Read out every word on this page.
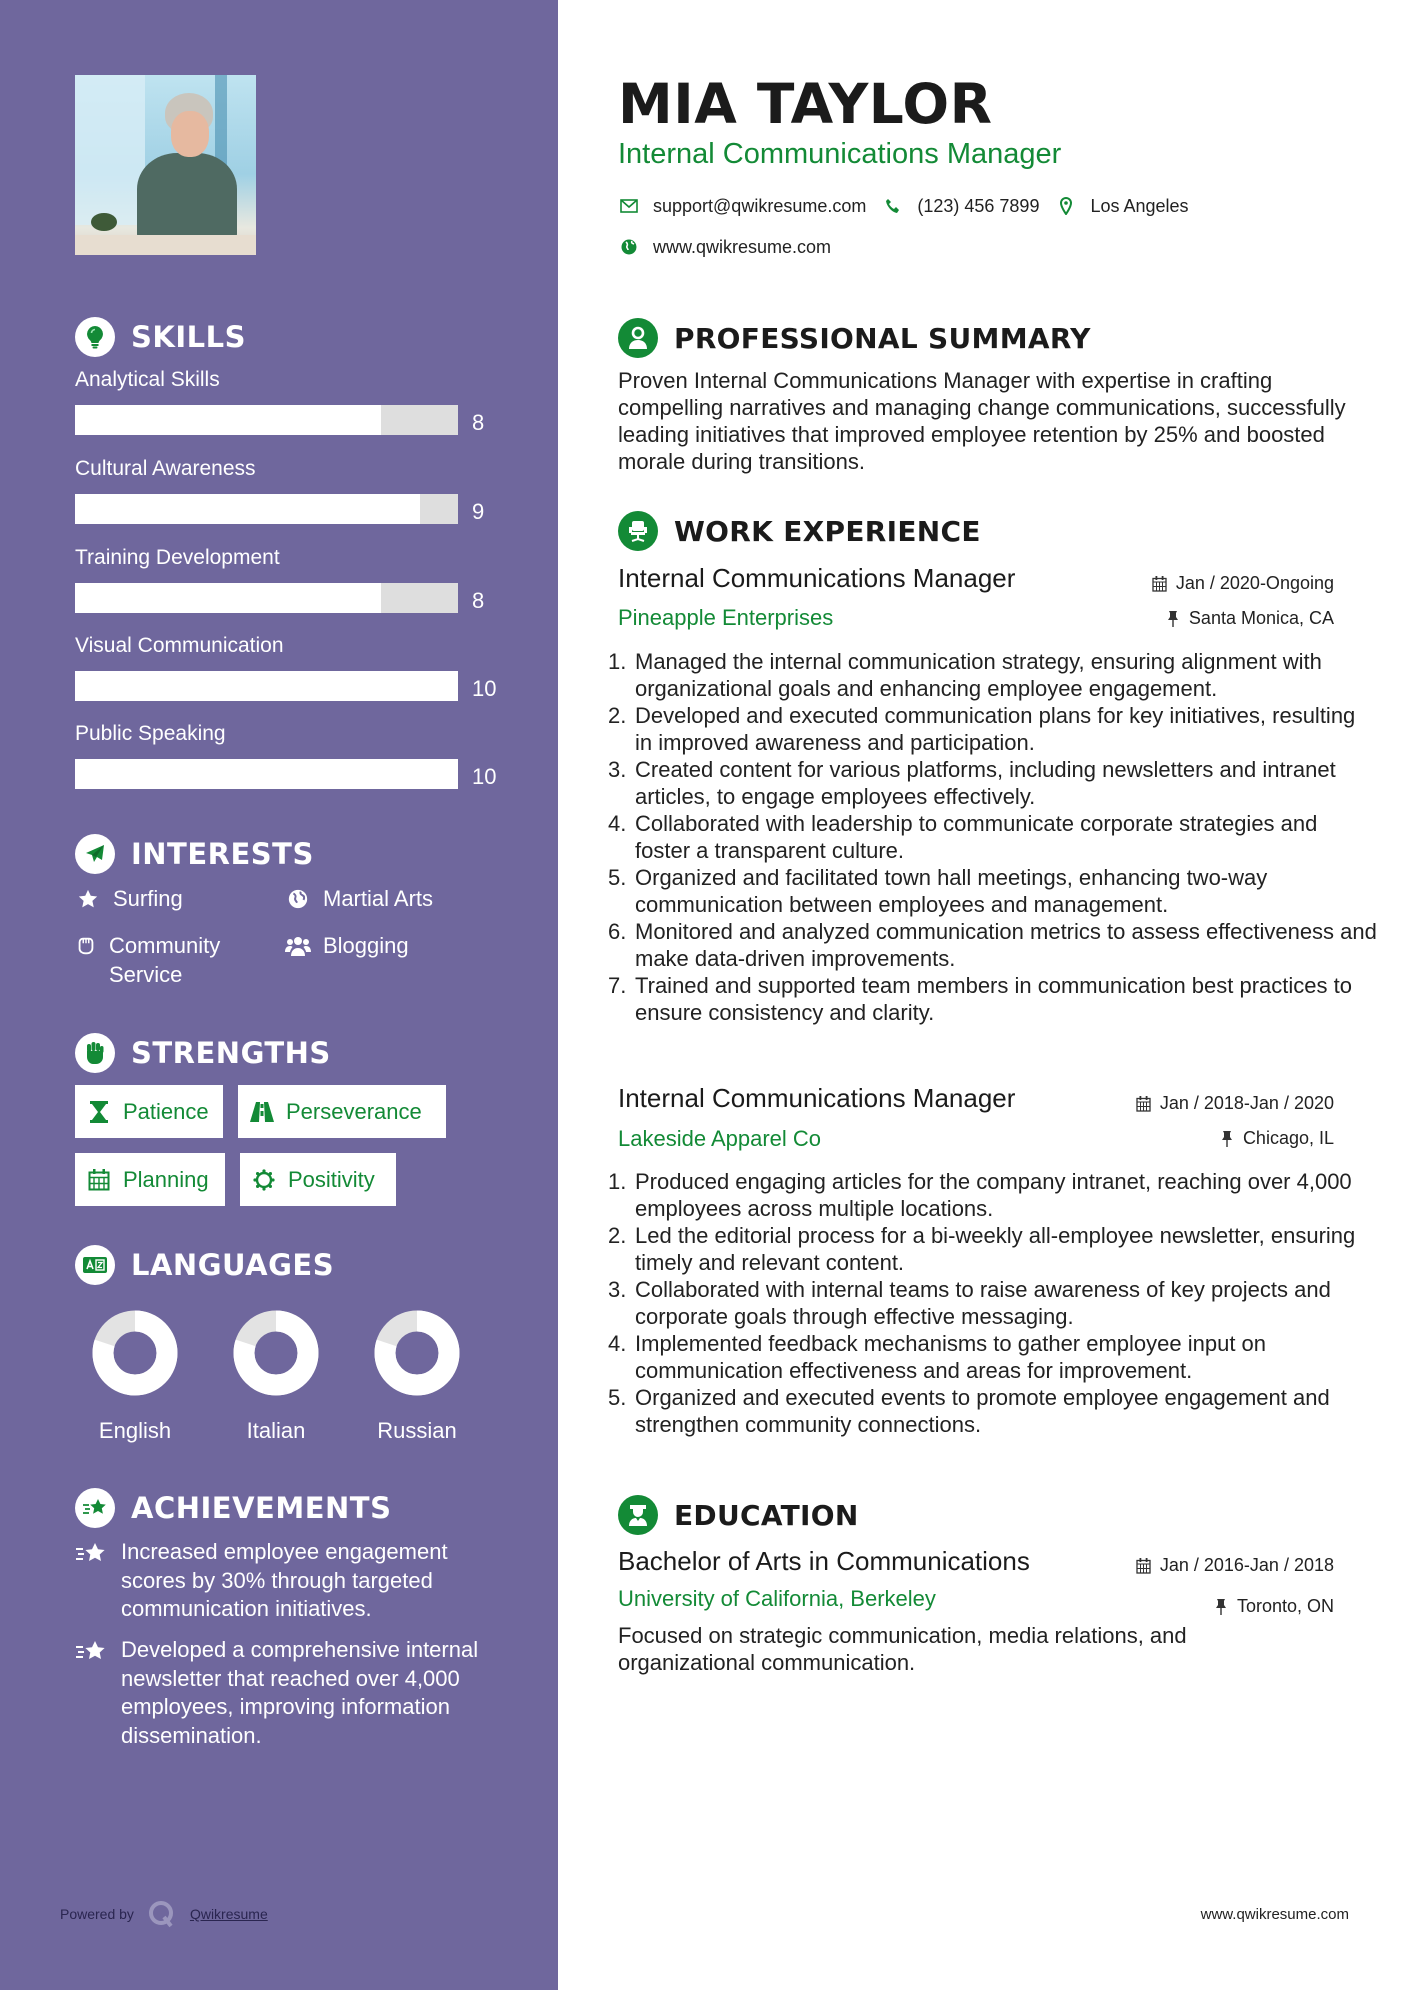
SKILLS
Analytical Skills
8
Cultural Awareness
9
Training Development
8
Visual Communication
10
Public Speaking
10
INTERESTS
Surfing	Martial Arts
Community Service
Blogging
STRENGTHS
Patience	Perseverance
Planning	Positivity
LANGUAGES
English	Italian	Russian
ACHIEVEMENTS
Increased employee engagement scores by 30% through targeted communication initiatives.
Developed a comprehensive internal newsletter that reached over 4,000 employees, improving information dissemination.
Powered by	Qwikresume
MIA TAYLOR
Internal Communications Manager
support@qwikresume.com	(123) 456 7899	Los Angeles
www.qwikresume.com
PROFESSIONAL SUMMARY

Proven Internal Communications Manager with expertise in crafting compelling narratives and managing change communications, successfully leading initiatives that improved employee retention by 25% and boosted morale during transitions.

WORK EXPERIENCE
Internal Communications Manager	Jan / 2020-Ongoing
Pineapple Enterprises	Santa Monica, CA
1. Managed the internal communication strategy, ensuring alignment with organizational goals and enhancing employee engagement.
2. Developed and executed communication plans for key initiatives, resulting in improved awareness and participation.
3. Created content for various platforms, including newsletters and intranet articles, to engage employees effectively.
4. Collaborated with leadership to communicate corporate strategies and foster a transparent culture.
5. Organized and facilitated town hall meetings, enhancing two-way communication between employees and management.
6. Monitored and analyzed communication metrics to assess effectiveness and make data-driven improvements.
7. Trained and supported team members in communication best practices to ensure consistency and clarity.
Internal Communications Manager	Jan / 2018-Jan / 2020
Lakeside Apparel Co	Chicago, IL
1. Produced engaging articles for the company intranet, reaching over 4,000 employees across multiple locations.
2. Led the editorial process for a bi-weekly all-employee newsletter, ensuring timely and relevant content.
3. Collaborated with internal teams to raise awareness of key projects and corporate goals through effective messaging.
4. Implemented feedback mechanisms to gather employee input on communication effectiveness and areas for improvement.
5. Organized and executed events to promote employee engagement and strengthen community connections.
EDUCATION
Bachelor of Arts in Communications	Jan / 2016-Jan / 2018
University of California, Berkeley	Toronto, ON

Focused on strategic communication, media relations, and organizational communication.

www.qwikresume.com
